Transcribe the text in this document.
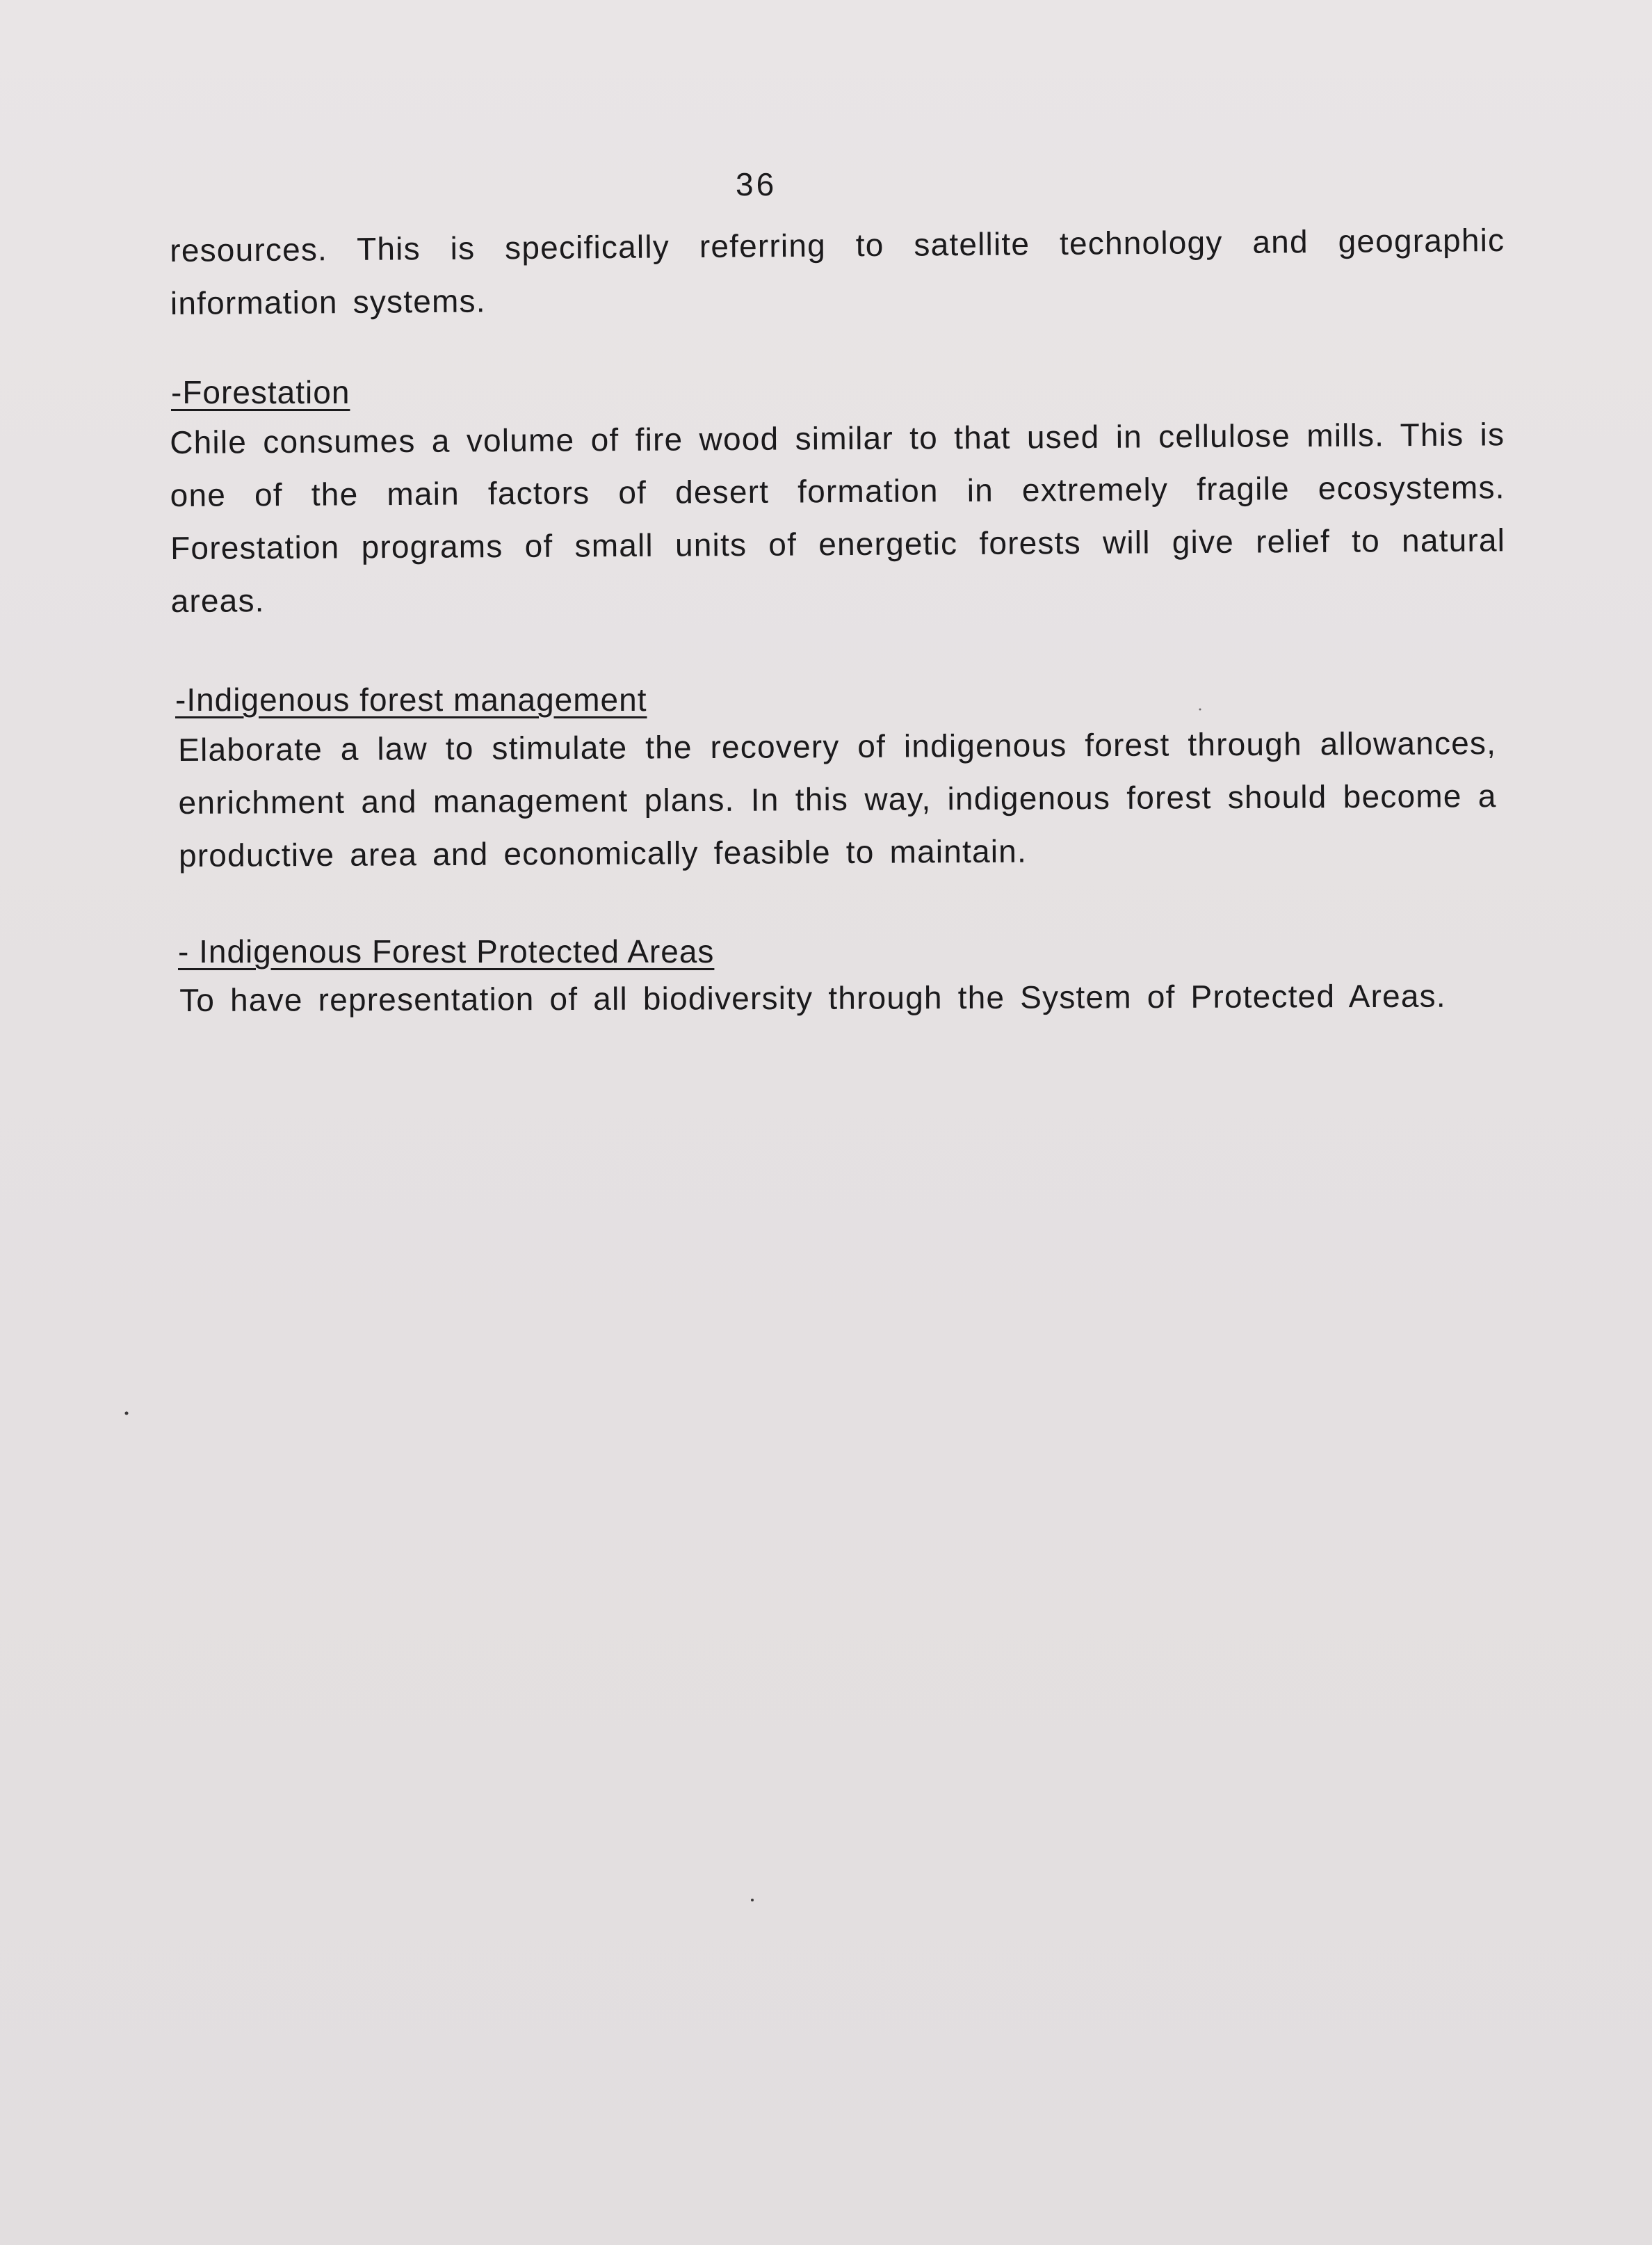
36
resources. This is specifically referring to satellite technology and geographic information systems.
-Forestation
Chile consumes a volume of fire wood similar to that used in cellulose mills. This is one of the main factors of desert formation in extremely fragile ecosystems. Forestation programs of small units of energetic forests will give relief to natural areas.
-Indigenous forest management
Elaborate a law to stimulate the recovery of indigenous forest through allowances, enrichment and management plans. In this way, indigenous forest should become a productive area and economically feasible to maintain.
- Indigenous Forest Protected Areas
To have representation of all biodiversity through the System of Protected Areas.
